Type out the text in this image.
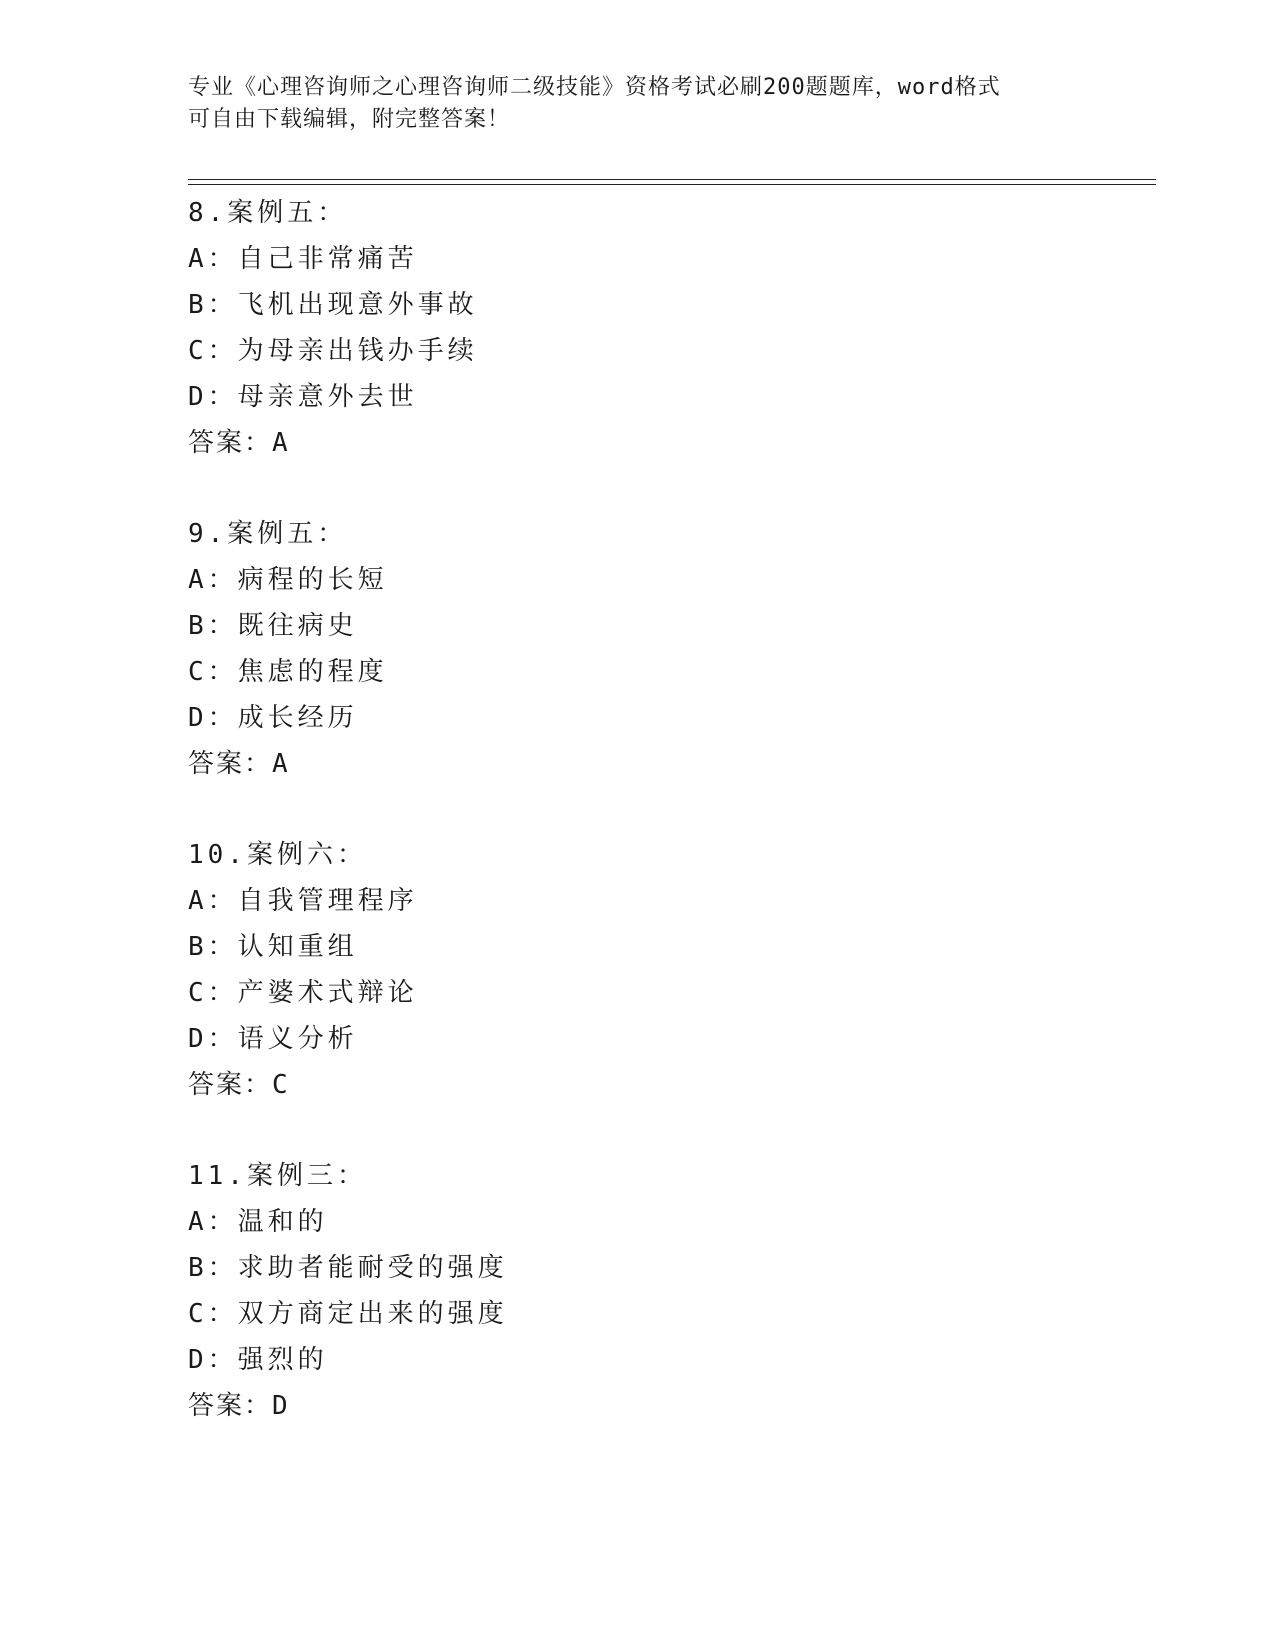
专业《心理咨询师之心理咨询师二级技能》资格考试必刷200题题库，word格式
可自由下载编辑，附完整答案！
8.案例五：
A：自己非常痛苦
B：飞机出现意外事故
C：为母亲出钱办手续
D：母亲意外去世
答案：A
9.案例五：
A：病程的长短
B：既往病史
C：焦虑的程度
D：成长经历
答案：A
10.案例六：
A：自我管理程序
B：认知重组
C：产婆术式辩论
D：语义分析
答案：C
11.案例三：
A：温和的
B：求助者能耐受的强度
C：双方商定出来的强度
D：强烈的
答案：D
